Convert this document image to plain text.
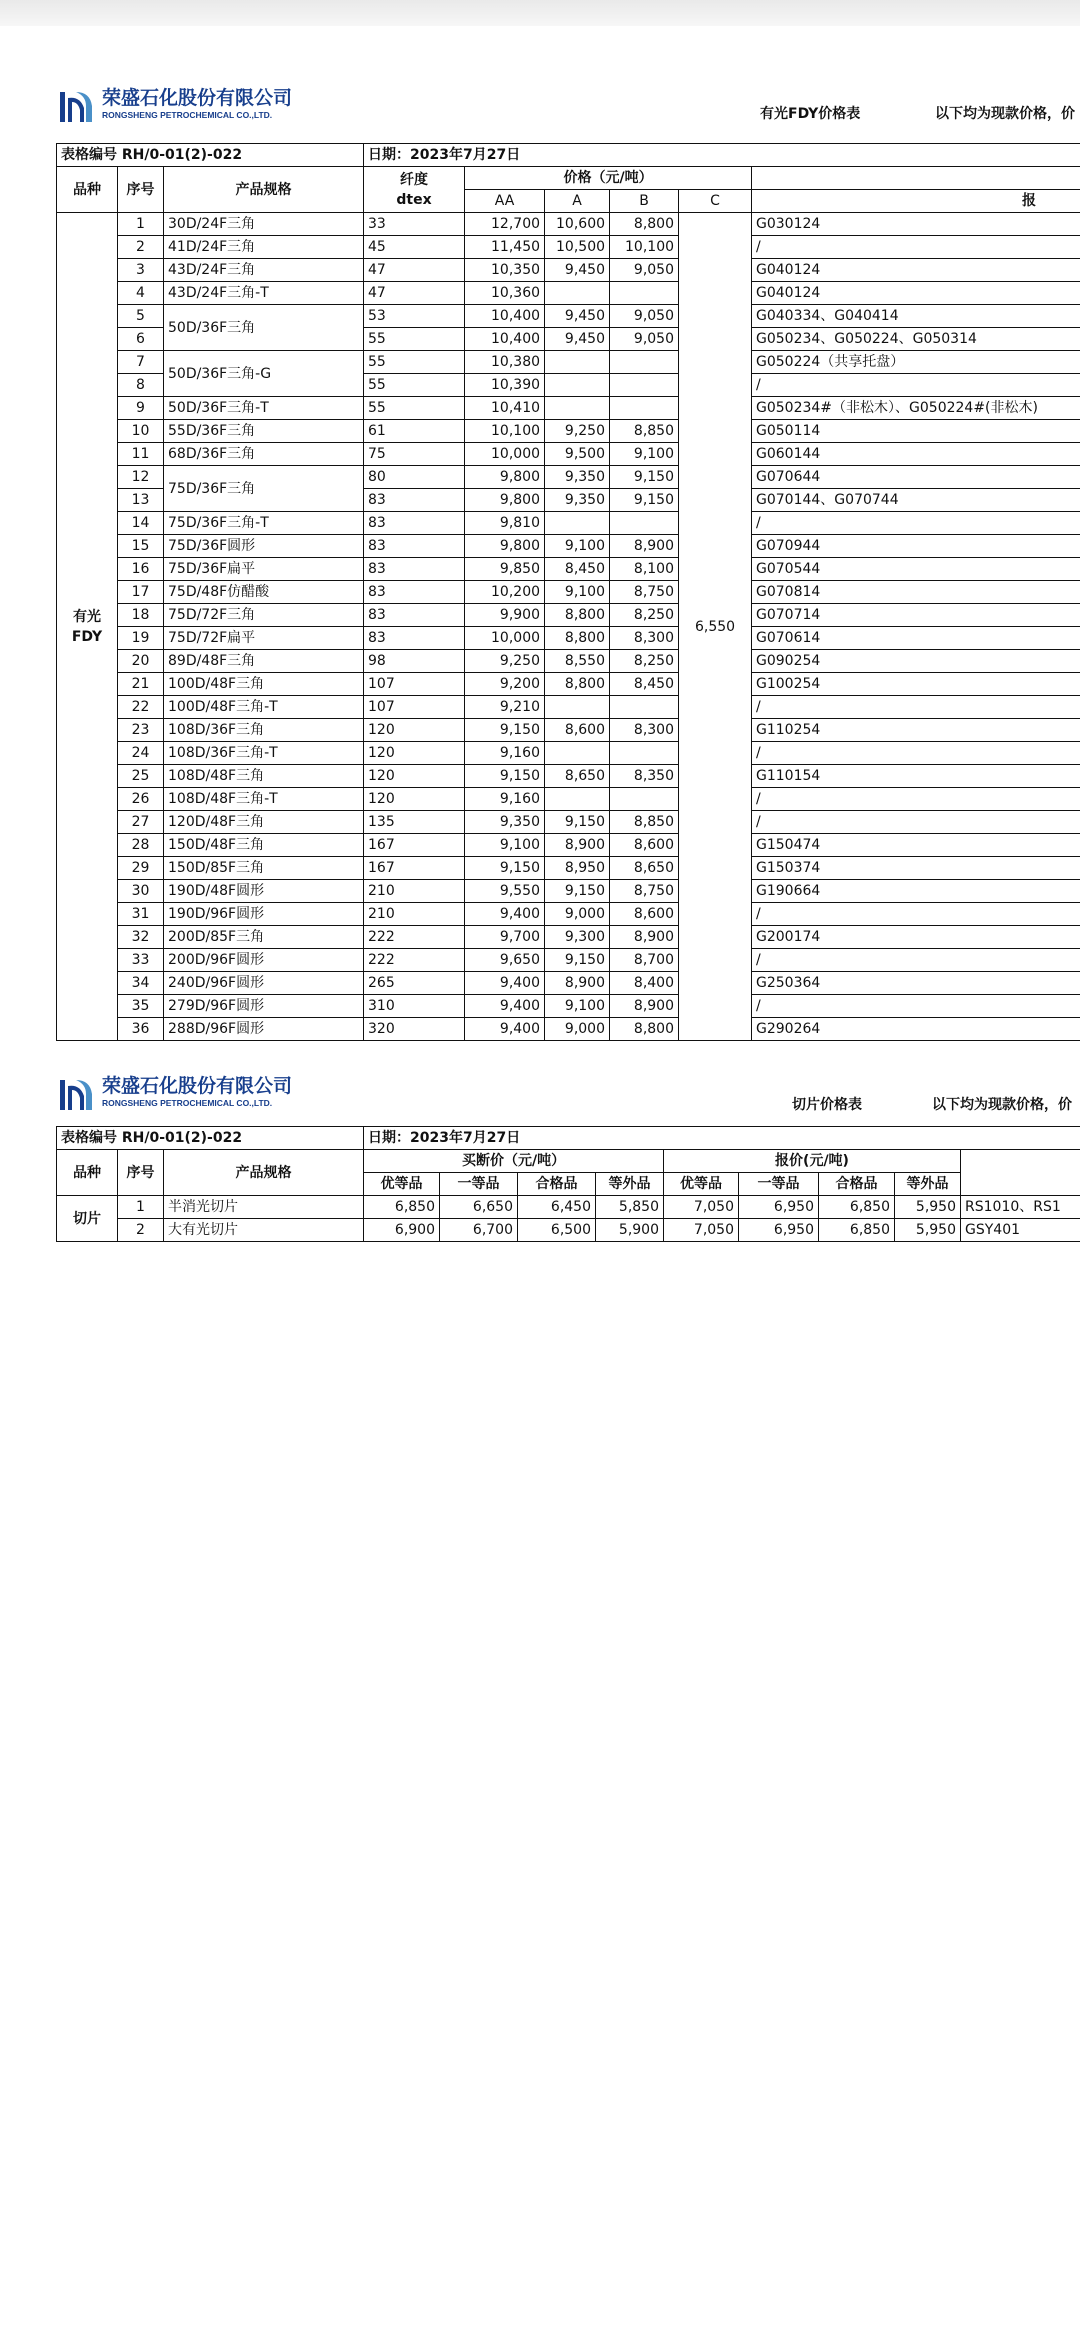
荣盛石化股份有限公司
RONGSHENG PETROCHEMICAL CO.,LTD.	有光FDY价格表	以下均为现款价格，价
表格编号 RH/0-01(2)-022			日期：2023年7月27日					
品种	序号	产品规格	纤度
dtex	价格（元/吨）				
				AA	A	B	C	报

有光
FDY	1	30D/24F三角	33	12,700	10,600	8,800	6,550	G030124
	2	41D/24F三角	45	11,450	10,500	10,100		/
	3	43D/24F三角	47	10,350	9,450	9,050		G040124
	4	43D/24F三角-T	47	10,360				G040124
	5	50D/36F三角	53	10,400	9,450	9,050		G040334、G040414
	6		55	10,400	9,450	9,050		G050234、G050224、G050314
	7	50D/36F三角-G	55	10,380				G050224（共享托盘）
	8		55	10,390				/
	9	50D/36F三角-T	55	10,410				G050234#（非松木）、G050224#(非松木)
	10	55D/36F三角	61	10,100	9,250	8,850		G050114
	11	68D/36F三角	75	10,000	9,500	9,100		G060144
	12	75D/36F三角	80	9,800	9,350	9,150		G070644
	13		83	9,800	9,350	9,150		G070144、G070744
	14	75D/36F三角-T	83	9,810				/
	15	75D/36F圆形	83	9,800	9,100	8,900		G070944
	16	75D/36F扁平	83	9,850	8,450	8,100		G070544
	17	75D/48F仿醋酸	83	10,200	9,100	8,750		G070814
	18	75D/72F三角	83	9,900	8,800	8,250		G070714
	19	75D/72F扁平	83	10,000	8,800	8,300		G070614
	20	89D/48F三角	98	9,250	8,550	8,250		G090254
	21	100D/48F三角	107	9,200	8,800	8,450		G100254
	22	100D/48F三角-T	107	9,210				/
	23	108D/36F三角	120	9,150	8,600	8,300		G110254
	24	108D/36F三角-T	120	9,160				/
	25	108D/48F三角	120	9,150	8,650	8,350		G110154
	26	108D/48F三角-T	120	9,160				/
	27	120D/48F三角	135	9,350	9,150	8,850		/
	28	150D/48F三角	167	9,100	8,900	8,600		G150474
	29	150D/85F三角	167	9,150	8,950	8,650		G150374
	30	190D/48F圆形	210	9,550	9,150	8,750		G190664
	31	190D/96F圆形	210	9,400	9,000	8,600		/
	32	200D/85F三角	222	9,700	9,300	8,900		G200174
	33	200D/96F圆形	222	9,650	9,150	8,700		/
	34	240D/96F圆形	265	9,400	8,900	8,400		G250364
	35	279D/96F圆形	310	9,400	9,100	8,900		/
	36	288D/96F圆形	320	9,400	9,000	8,800		G290264
荣盛石化股份有限公司
RONGSHENG PETROCHEMICAL CO.,LTD.	切片价格表	以下均为现款价格，价
表格编号 RH/0-01(2)-022			日期：2023年7月27日								
品种	序号	产品规格	买断价（元/吨）				报价(元/吨)				
			优等品	一等品	合格品	等外品	优等品	一等品	合格品	等外品	
切片	1	半消光切片	6,850	6,650	6,450	5,850	7,050	6,950	6,850	5,950	RS1010、RS1
	2	大有光切片	6,900	6,700	6,500	5,900	7,050	6,950	6,850	5,950	GSY401
